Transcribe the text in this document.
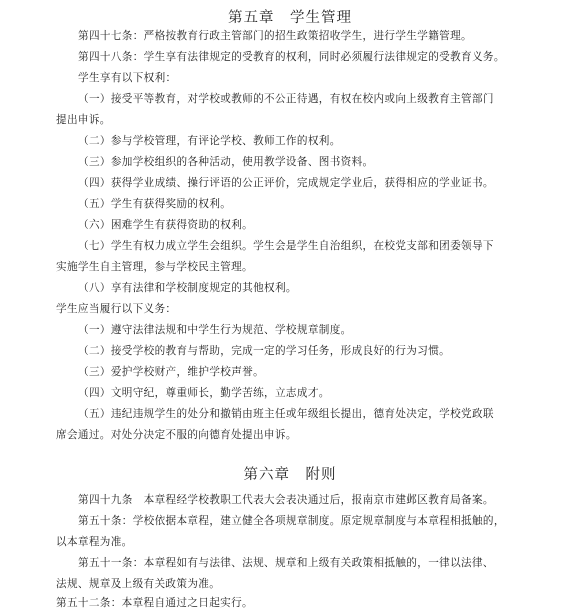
第五章　学生管理
第四十七条：严格按教育行政主管部门的招生政策招收学生，进行学生学籍管理。
第四十八条：学生享有法律规定的受教育的权利，同时必须履行法律规定的受教育义务。
学生享有以下权利：
（一）接受平等教育，对学校或教师的不公正待遇，有权在校内或向上级教育主管部门
提出申诉。
（二）参与学校管理，有评论学校、教师工作的权利。
（三）参加学校组织的各种活动，使用教学设备、图书资料。
（四）获得学业成绩、操行评语的公正评价，完成规定学业后，获得相应的学业证书。
（五）学生有获得奖励的权利。
（六）困难学生有获得资助的权利。
（七）学生有权力成立学生会组织。学生会是学生自治组织，在校党支部和团委领导下
实施学生自主管理，参与学校民主管理。
（八）享有法律和学校制度规定的其他权利。
学生应当履行以下义务：
（一）遵守法律法规和中学生行为规范、学校规章制度。
（二）接受学校的教育与帮助，完成一定的学习任务，形成良好的行为习惯。
（三）爱护学校财产，维护学校声誉。
（四）文明守纪，尊重师长，勤学苦练，立志成才。
（五）违纪违规学生的处分和撤销由班主任或年级组长提出，德育处决定，学校党政联
席会通过。对处分决定不服的向德育处提出申诉。
第六章　附则
第四十九条　本章程经学校教职工代表大会表决通过后，报南京市建邺区教育局备案。
第五十条：学校依据本章程，建立健全各项规章制度。原定规章制度与本章程相抵触的，
以本章程为准。
第五十一条：本章程如有与法律、法规、规章和上级有关政策相抵触的，一律以法律、
法规、规章及上级有关政策为准。
第五十二条：本章程自通过之日起实行。
